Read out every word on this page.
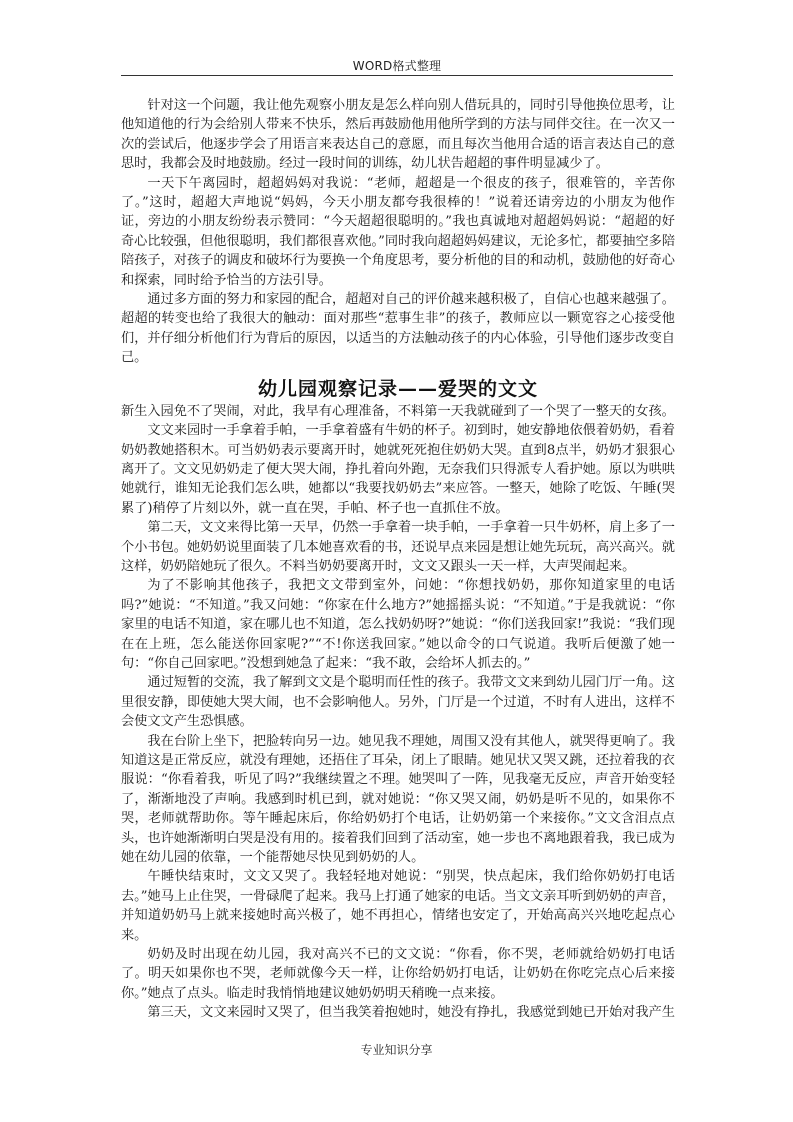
WORD格式整理

针对这一个问题，我让他先观察小朋友是怎么样向别人借玩具的，同时引导他换位思考，让他知道他的行为会给别人带来不快乐，然后再鼓励他用他所学到的方法与同伴交往。在一次又一次的尝试后，他逐步学会了用语言来表达自己的意愿，而且每次当他用合适的语言表达自己的意思时，我都会及时地鼓励。经过一段时间的训练，幼儿状告超超的事件明显减少了。

一天下午离园时，超超妈妈对我说：“老师，超超是一个很皮的孩子，很难管的，辛苦你了。”这时，超超大声地说“妈妈，今天小朋友都夸我很棒的！”说着还请旁边的小朋友为他作证，旁边的小朋友纷纷表示赞同：“今天超超很聪明的。”我也真诚地对超超妈妈说：“超超的好奇心比较强，但他很聪明，我们都很喜欢他。”同时我向超超妈妈建议，无论多忙，都要抽空多陪陪孩子，对孩子的调皮和破坏行为要换一个角度思考，要分析他的目的和动机，鼓励他的好奇心和探索，同时给予恰当的方法引导。

通过多方面的努力和家园的配合，超超对自己的评价越来越积极了，自信心也越来越强了。超超的转变也给了我很大的触动：面对那些“惹事生非”的孩子，教师应以一颗宽容之心接受他们，并仔细分析他们行为背后的原因，以适当的方法触动孩子的内心体验，引导他们逐步改变自己。

幼儿园观察记录——爱哭的文文

新生入园免不了哭闹，对此，我早有心理准备，不料第一天我就碰到了一个哭了一整天的女孩。

文文来园时一手拿着手帕，一手拿着盛有牛奶的杯子。初到时，她安静地依偎着奶奶，看着奶奶教她搭积木。可当奶奶表示要离开时，她就死死抱住奶奶大哭。直到8点半，奶奶才狠狠心离开了。文文见奶奶走了便大哭大闹，挣扎着向外跑，无奈我们只得派专人看护她。原以为哄哄她就行，谁知无论我们怎么哄，她都以“我要找奶奶去”来应答。一整天，她除了吃饭、午睡(哭累了)稍停了片刻以外，就一直在哭，手帕、杯子也一直抓住不放。

第二天，文文来得比第一天早，仍然一手拿着一块手帕，一手拿着一只牛奶杯，肩上多了一个小书包。她奶奶说里面装了几本她喜欢看的书，还说早点来园是想让她先玩玩，高兴高兴。就这样，奶奶陪她玩了很久。不料当奶奶要离开时，文文又跟头一天一样，大声哭闹起来。

为了不影响其他孩子，我把文文带到室外，问她：“你想找奶奶，那你知道家里的电话吗?”她说：“不知道。”我又问她：“你家在什么地方?”她摇摇头说：“不知道。”于是我就说：“你家里的电话不知道，家在哪儿也不知道，怎么找奶奶呀?”她说：“你们送我回家!”我说：“我们现在在上班，怎么能送你回家呢?”“不!你送我回家。”她以命令的口气说道。我听后便激了她一句：“你自己回家吧。”没想到她急了起来：“我不敢，会给坏人抓去的。”

通过短暂的交流，我了解到文文是个聪明而任性的孩子。我带文文来到幼儿园门厅一角。这里很安静，即使她大哭大闹，也不会影响他人。另外，门厅是一个过道，不时有人进出，这样不会使文文产生恐惧感。

我在台阶上坐下，把脸转向另一边。她见我不理她，周围又没有其他人，就哭得更响了。我知道这是正常反应，就没有理她，还捂住了耳朵，闭上了眼睛。她见状又哭又跳，还拉着我的衣服说：“你看着我，听见了吗?”我继续置之不理。她哭叫了一阵，见我毫无反应，声音开始变轻了，渐渐地没了声响。我感到时机已到，就对她说：“你又哭又闹，奶奶是听不见的，如果你不哭，老师就帮助你。等午睡起床后，你给奶奶打个电话，让奶奶第一个来接你。”文文含泪点点头，也许她渐渐明白哭是没有用的。接着我们回到了活动室，她一步也不离地跟着我，我已成为她在幼儿园的依靠，一个能帮她尽快见到奶奶的人。

午睡快结束时，文文又哭了。我轻轻地对她说：“别哭，快点起床，我们给你奶奶打电话去。”她马上止住哭，一骨碌爬了起来。我马上打通了她家的电话。当文文亲耳听到奶奶的声音，并知道奶奶马上就来接她时高兴极了，她不再担心，情绪也安定了，开始高高兴兴地吃起点心来。

奶奶及时出现在幼儿园，我对高兴不已的文文说：“你看，你不哭，老师就给奶奶打电话了。明天如果你也不哭，老师就像今天一样，让你给奶奶打电话，让奶奶在你吃完点心后来接你。”她点了点头。临走时我悄悄地建议她奶奶明天稍晚一点来接。

第三天，文文来园时又哭了，但当我笑着抱她时，她没有挣扎，我感觉到她已开始对我产生

专业知识分享
